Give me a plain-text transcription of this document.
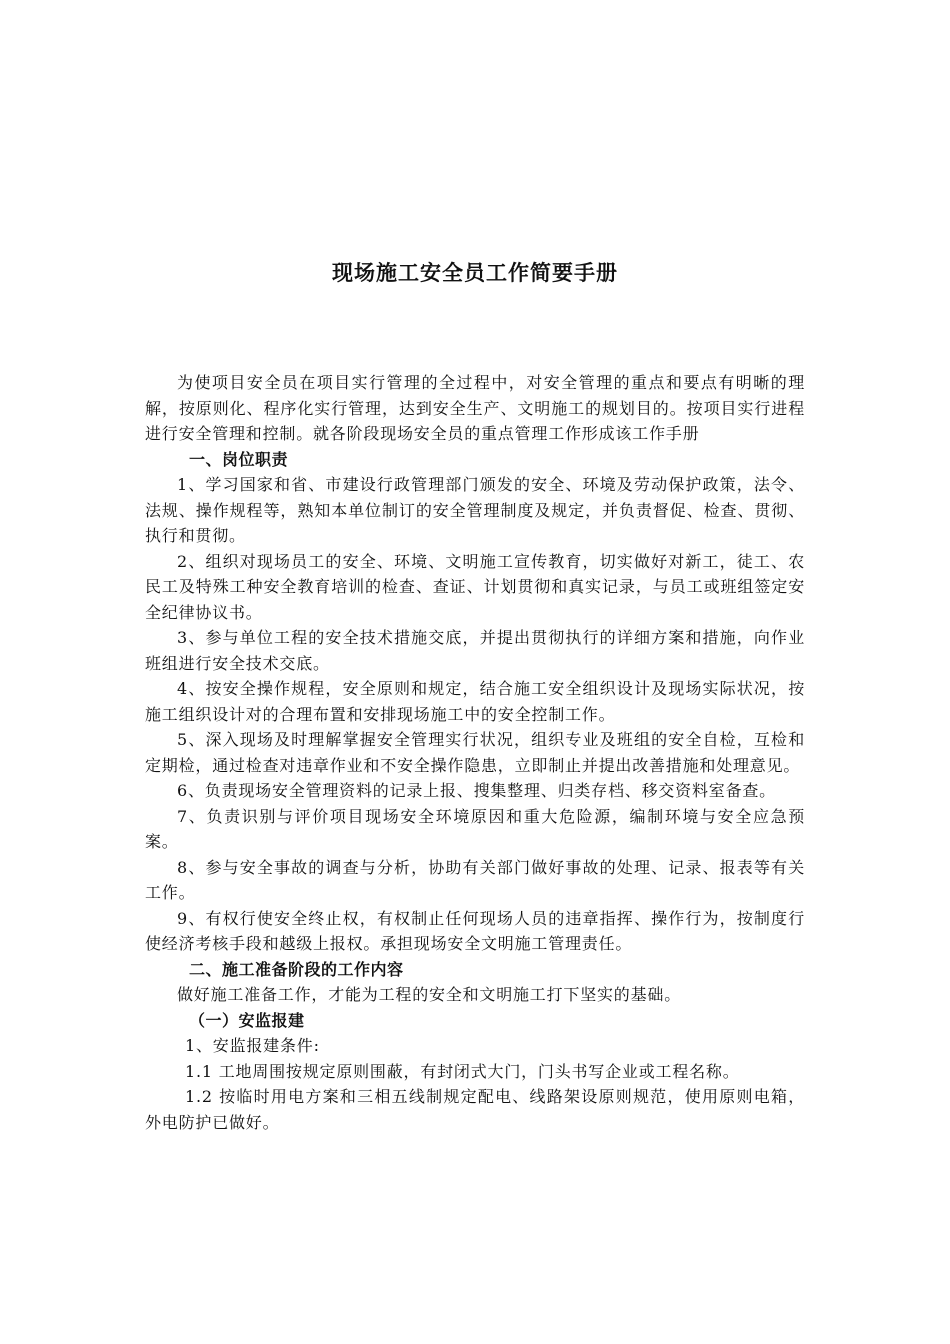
现场施工安全员工作简要手册

为使项目安全员在项目实行管理的全过程中，对安全管理的重点和要点有明晰的理解，按原则化、程序化实行管理，达到安全生产、文明施工的规划目的。按项目实行进程进行安全管理和控制。就各阶段现场安全员的重点管理工作形成该工作手册

一、岗位职责

1、学习国家和省、市建设行政管理部门颁发的安全、环境及劳动保护政策，法令、法规、操作规程等，熟知本单位制订的安全管理制度及规定，并负责督促、检查、贯彻、执行和贯彻。

2、组织对现场员工的安全、环境、文明施工宣传教育，切实做好对新工，徒工、农民工及特殊工种安全教育培训的检查、查证、计划贯彻和真实记录，与员工或班组签定安全纪律协议书。

3、参与单位工程的安全技术措施交底，并提出贯彻执行的详细方案和措施，向作业班组进行安全技术交底。

4、按安全操作规程，安全原则和规定，结合施工安全组织设计及现场实际状况，按施工组织设计对的合理布置和安排现场施工中的安全控制工作。

5、深入现场及时理解掌握安全管理实行状况，组织专业及班组的安全自检，互检和定期检，通过检查对违章作业和不安全操作隐患，立即制止并提出改善措施和处理意见。

6、负责现场安全管理资料的记录上报、搜集整理、归类存档、移交资料室备查。

7、负责识别与评价项目现场安全环境原因和重大危险源，编制环境与安全应急预案。

8、参与安全事故的调查与分析，协助有关部门做好事故的处理、记录、报表等有关工作。

9、有权行使安全终止权，有权制止任何现场人员的违章指挥、操作行为，按制度行使经济考核手段和越级上报权。承担现场安全文明施工管理责任。

二、施工准备阶段的工作内容

做好施工准备工作，才能为工程的安全和文明施工打下坚实的基础。

（一）安监报建

1、安监报建条件:

1.1 工地周围按规定原则围蔽，有封闭式大门，门头书写企业或工程名称。

1.2 按临时用电方案和三相五线制规定配电、线路架设原则规范，使用原则电箱，外电防护已做好。
